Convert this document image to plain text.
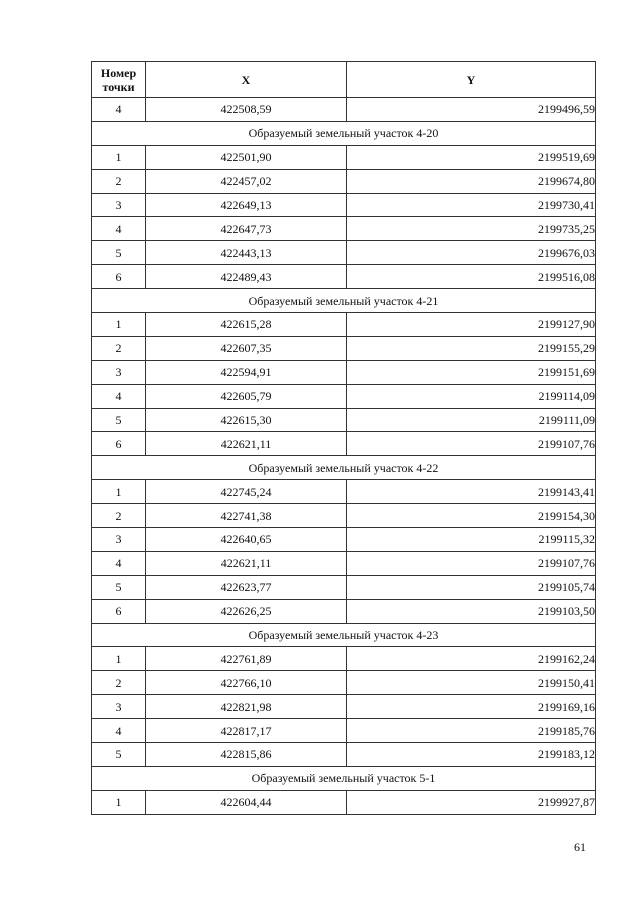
Номер точки	X	Y
4	422508,59	2199496,59
Образуемый земельный участок 4-20		
1	422501,90	2199519,69
2	422457,02	2199674,80
3	422649,13	2199730,41
4	422647,73	2199735,25
5	422443,13	2199676,03
6	422489,43	2199516,08
Образуемый земельный участок 4-21		
1	422615,28	2199127,90
2	422607,35	2199155,29
3	422594,91	2199151,69
4	422605,79	2199114,09
5	422615,30	2199111,09
6	422621,11	2199107,76
Образуемый земельный участок 4-22		
1	422745,24	2199143,41
2	422741,38	2199154,30
3	422640,65	2199115,32
4	422621,11	2199107,76
5	422623,77	2199105,74
6	422626,25	2199103,50
Образуемый земельный участок 4-23		
1	422761,89	2199162,24
2	422766,10	2199150,41
3	422821,98	2199169,16
4	422817,17	2199185,76
5	422815,86	2199183,12
Образуемый земельный участок 5-1		
1	422604,44	2199927,87
61
